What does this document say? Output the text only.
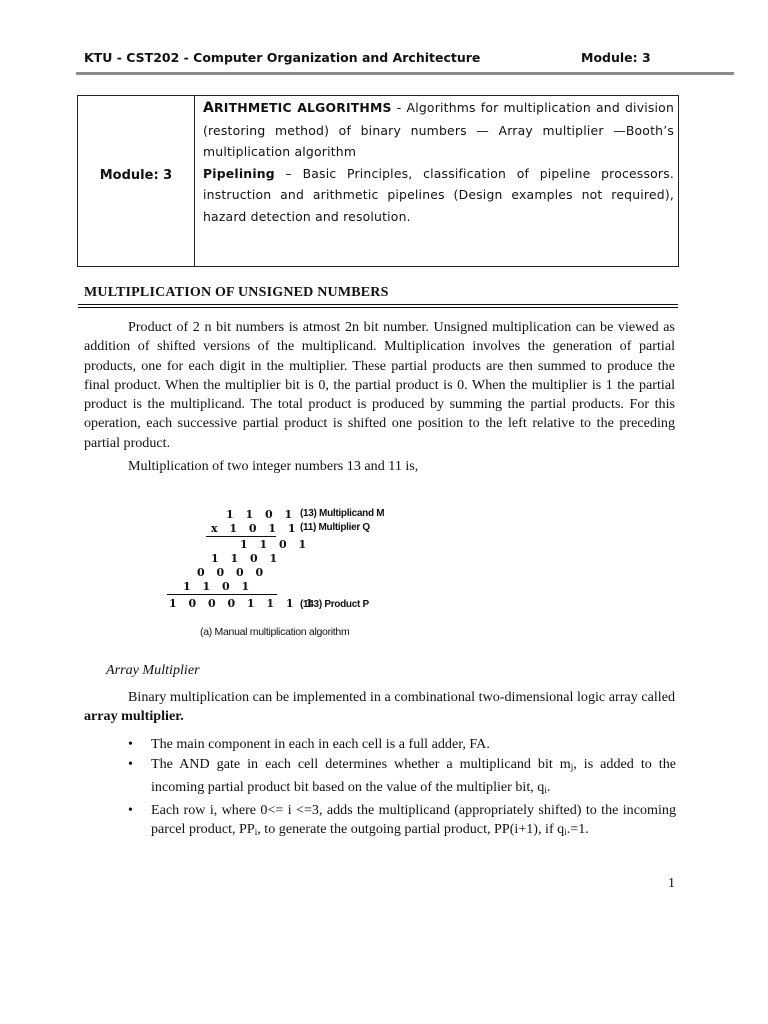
KTU - CST202 - Computer Organization and Architecture	Module: 3
Module: 3
ARITHMETIC ALGORITHMS - Algorithms for multiplication and division (restoring method) of binary numbers — Array multiplier —Booth’s multiplication algorithm
Pipelining – Basic Principles, classification of pipeline processors. instruction and arithmetic pipelines (Design examples not required), hazard detection and resolution.
MULTIPLICATION OF UNSIGNED NUMBERS
Product of 2 n bit numbers is atmost 2n bit number. Unsigned multiplication can be viewed as addition of shifted versions of the multiplicand. Multiplication involves the generation of partial products, one for each digit in the multiplier. These partial products are then summed to produce the final product. When the multiplier bit is 0, the partial product is 0. When the multiplier is 1 the partial product is the multiplicand. The total product is produced by summing the partial products. For this operation, each successive partial product is shifted one position to the left relative to the preceding partial product.
Multiplication of two integer numbers 13 and 11 is,
1 1 0 1 (13) Multiplicand M
x 1 0 1 1 (11) Multiplier Q
1 1 0 1
1 1 0 1
0 0 0 0
1 1 0 1
1 0 0 0 1 1 1 1
(143) Product P
(a) Manual multiplication algorithm
Array Multiplier
Binary multiplication can be implemented in a combinational two-dimensional logic array called array multiplier.
• The main component in each in each cell is a full adder, FA.
• The AND gate in each cell determines whether a multiplicand bit $m_j$, is added to the incoming partial product bit based on the value of the multiplier bit, $q_i$.
• Each row i, where 0<= i <=3, adds the multiplicand (appropriately shifted) to the incoming parcel product, $PP_i$, to generate the outgoing partial product, PP(i+1), if $q_i.=1$.
1
